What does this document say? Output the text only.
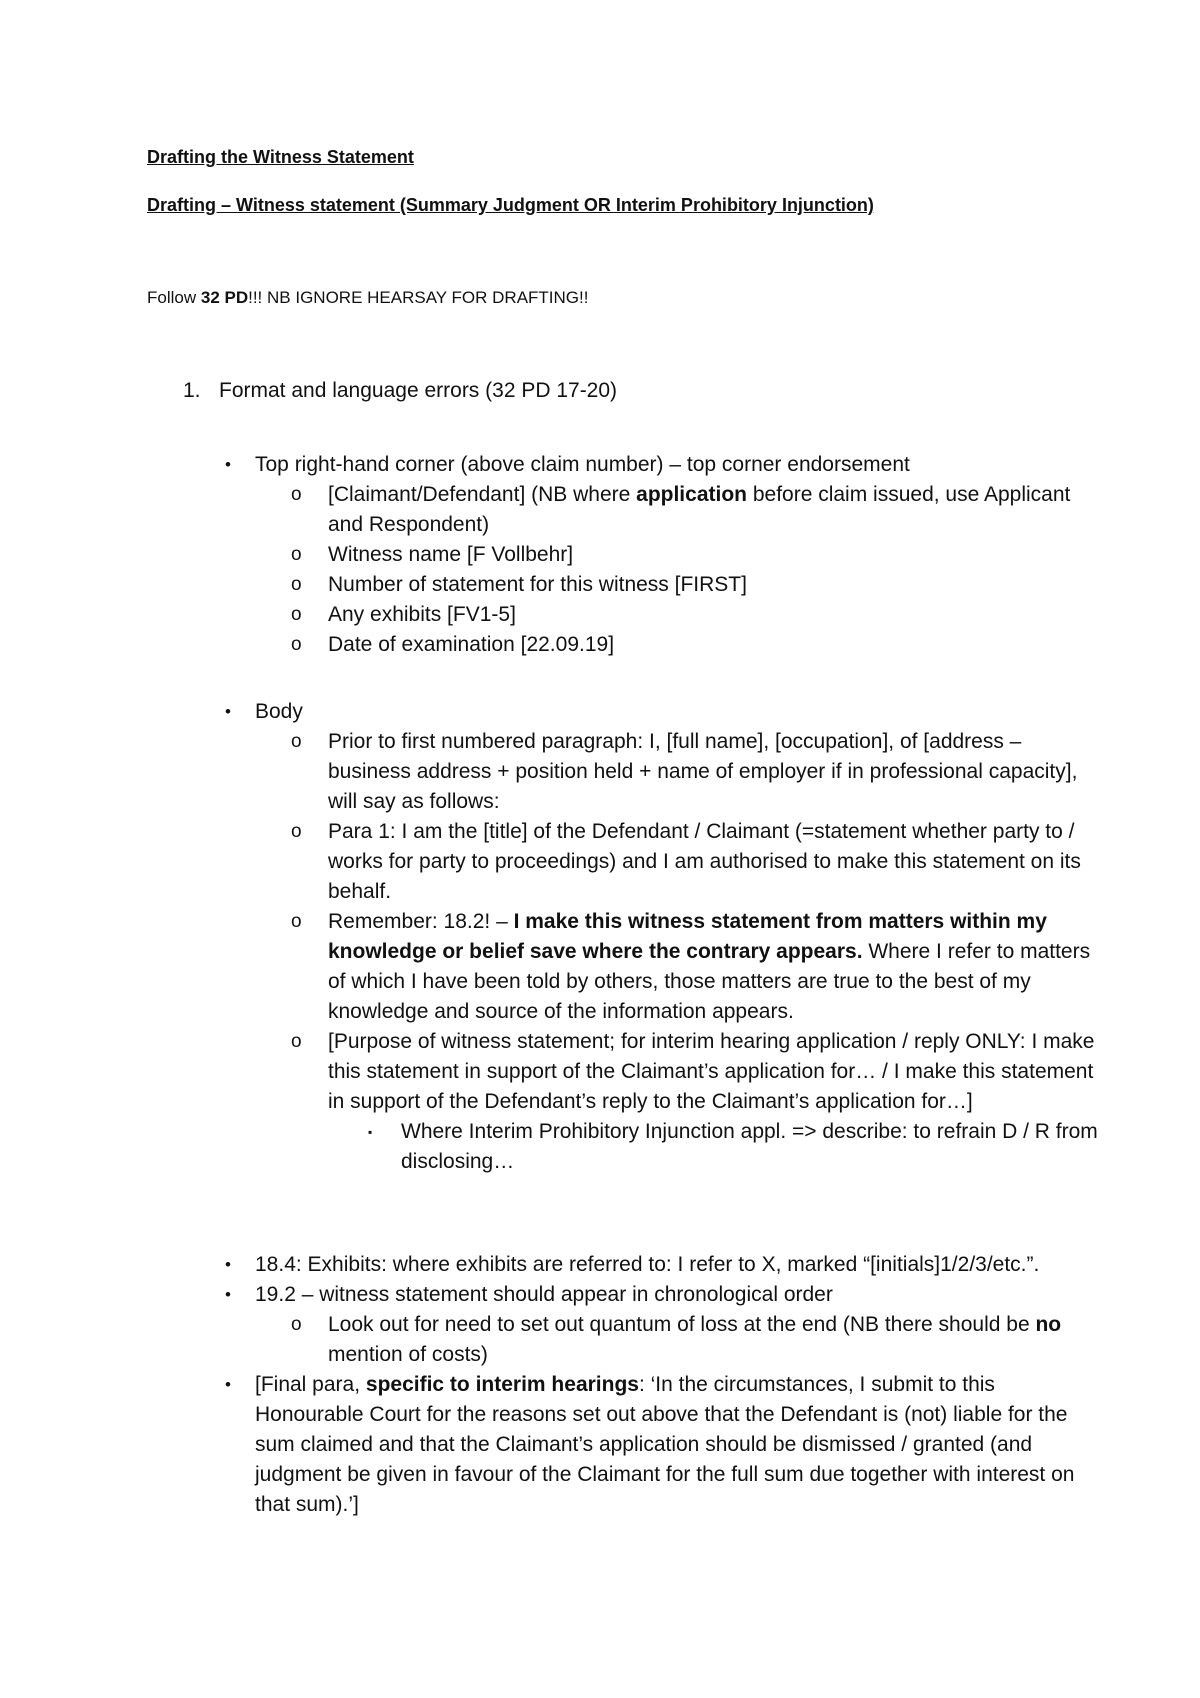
Drafting the Witness Statement
Drafting – Witness statement (Summary Judgment OR Interim Prohibitory Injunction)
Follow 32 PD!!! NB IGNORE HEARSAY FOR DRAFTING!!
1. Format and language errors (32 PD 17-20)
•	Top right-hand corner (above claim number) – top corner endorsement
o [Claimant/Defendant] (NB where application before claim issued, use Applicant and Respondent)
o Witness name [F Vollbehr]
o Number of statement for this witness [FIRST]
o Any exhibits [FV1-5]
o Date of examination [22.09.19]
•	Body
o Prior to first numbered paragraph: I, [full name], [occupation], of [address – business address + position held + name of employer if in professional capacity], will say as follows:
o Para 1: I am the [title] of the Defendant / Claimant (=statement whether party to / works for party to proceedings) and I am authorised to make this statement on its behalf.
o Remember: 18.2! – I make this witness statement from matters within my knowledge or belief save where the contrary appears. Where I refer to matters of which I have been told by others, those matters are true to the best of my knowledge and source of the information appears.
o [Purpose of witness statement; for interim hearing application / reply ONLY: I make this statement in support of the Claimant’s application for… / I make this statement in support of the Defendant’s reply to the Claimant’s application for…]
▪ Where Interim Prohibitory Injunction appl. => describe: to refrain D / R from disclosing…
•	18.4: Exhibits: where exhibits are referred to: I refer to X, marked “[initials]1/2/3/etc.”.
•	19.2 – witness statement should appear in chronological order
o Look out for need to set out quantum of loss at the end (NB there should be no mention of costs)
•	[Final para, specific to interim hearings: ‘In the circumstances, I submit to this Honourable Court for the reasons set out above that the Defendant is (not) liable for the sum claimed and that the Claimant’s application should be dismissed / granted (and judgment be given in favour of the Claimant for the full sum due together with interest on that sum).’]
